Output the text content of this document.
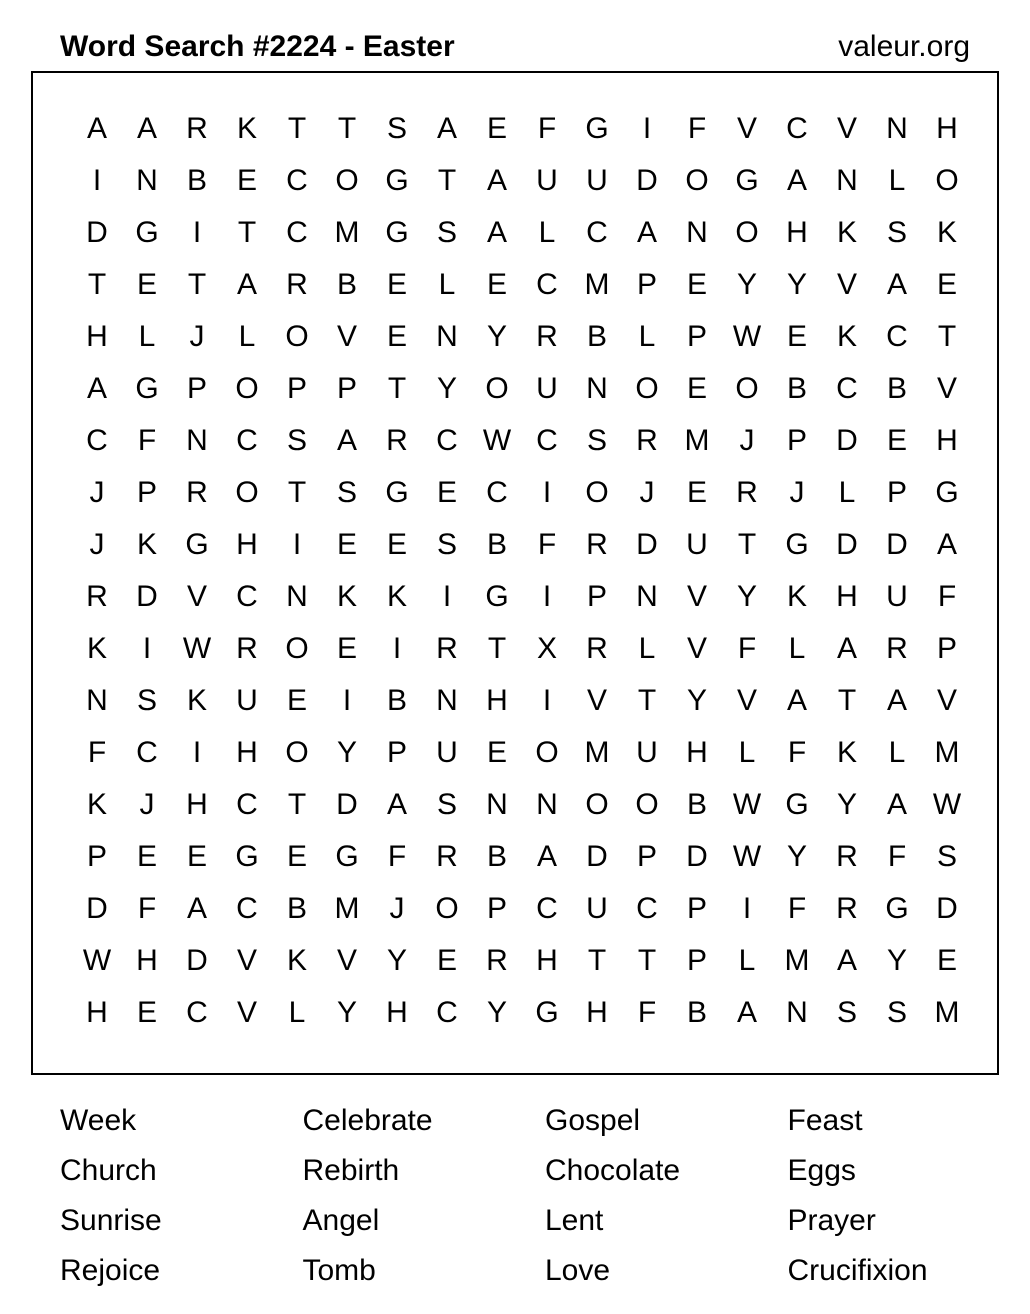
Word Search #2224 - Easter	valeur.org
A A R K	T	T	S A E	F G	I	F	V C V N H
I	N B E C O G T	A U U D O G A N	L O
D G	I	T	C M G S A	L	C A N O H K S K
T	E	T	A R B E	L	E C M P E Y Y V A E
H	L	J	L O V E N Y R B	L	P W E K C	T
A G P O P P	T	Y O U N O E O B C B V
C	F	N C S A R C W C S R M	J	P D E H
J	P R O T	S G E C	I	O	J	E R	J	L	P G
J	K G H	I	E E S B	F	R D U	T G D D A
R D V C N K K	I	G	I	P N V Y K H U	F
K	I	W R O E	I	R	T	X R	L	V	F	L	A R P
N S K U E	I	B N H	I	V	T	Y V A	T	A V
F	C	I	H O Y P U E O M U H	L	F	K	L M
K	J	H C	T	D A S N N O O B W G Y A W
P E E G E G F	R B A D P D W Y R	F	S
D	F	A C B M	J	O P C U C P	I	F	R G D
W H D V K V Y E R H	T	T	P	L M A Y E
H E C V	L	Y H C Y G H	F	B A N S S M
Week	Celebrate	Gospel	Feast
Church	Rebirth	Chocolate	Eggs
Sunrise	Angel	Lent	Prayer
Rejoice	Tomb	Love	Crucifixion
